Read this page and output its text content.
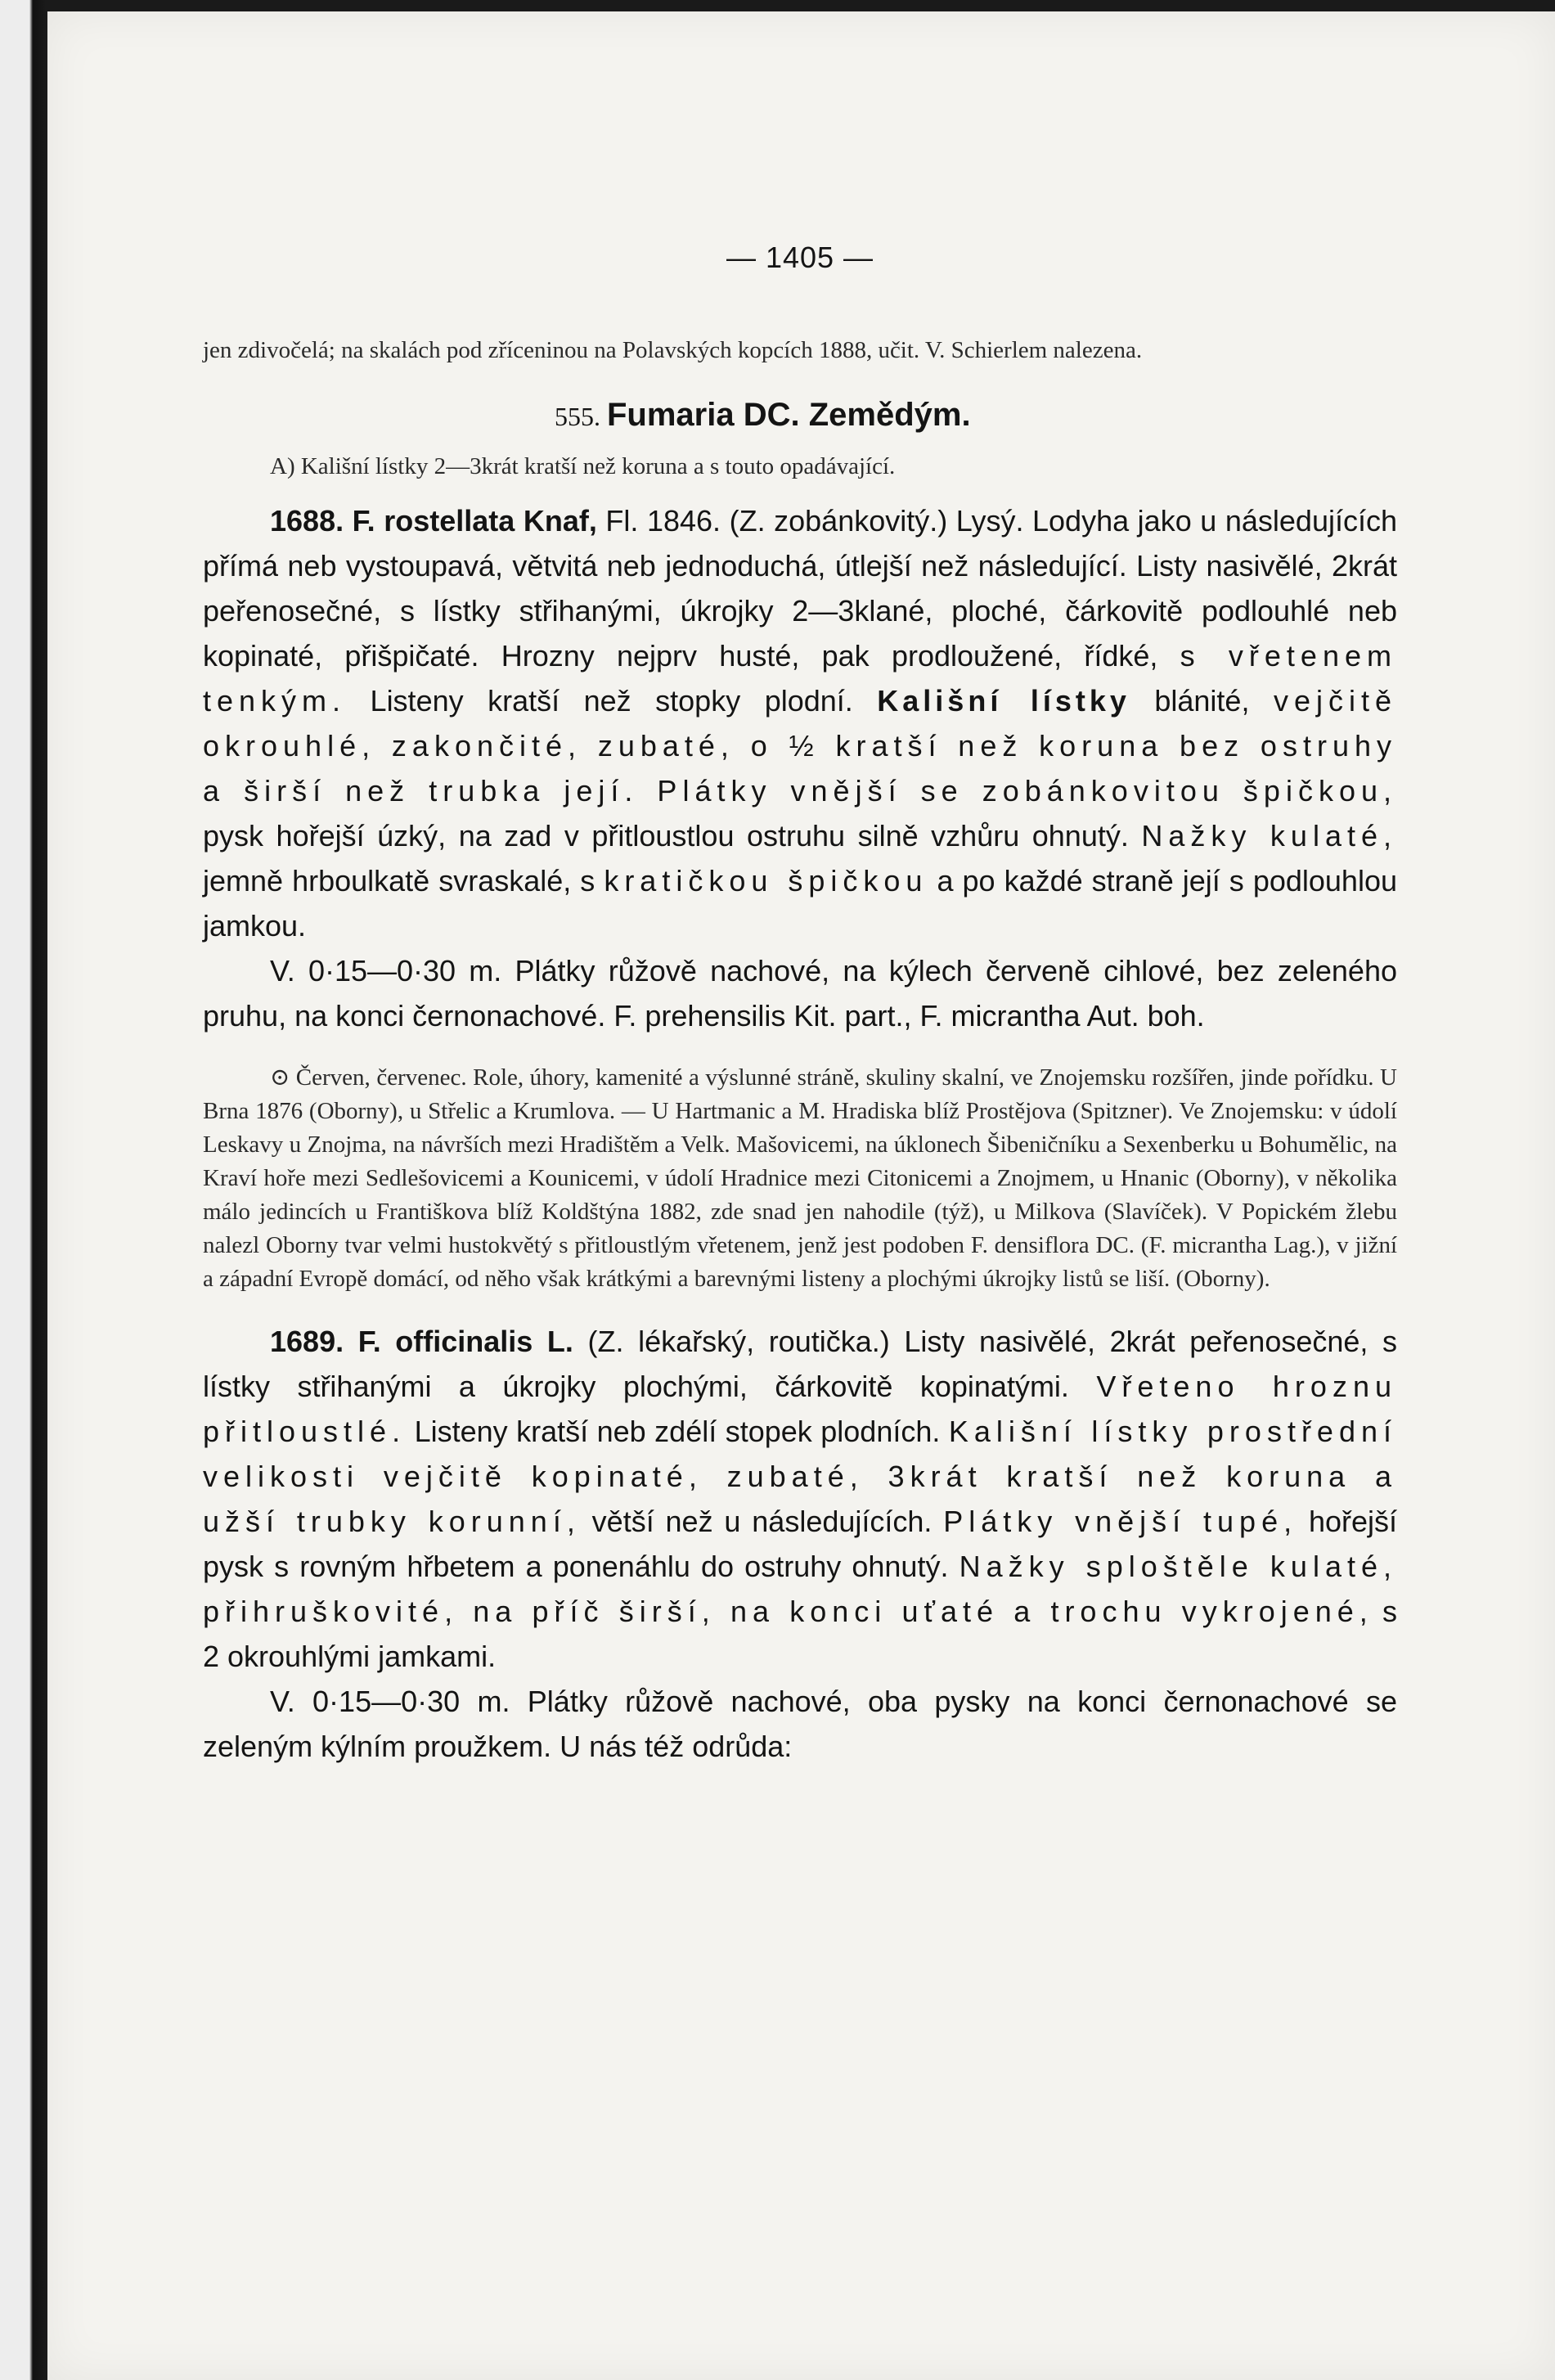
— 1405 —

jen zdivočelá; na skalách pod zříceninou na Polavských kopcích 1888, učit. V. Schierlem nalezena.

555. Fumaria DC. Zemědým.

A) Kališní lístky 2—3krát kratší než koruna a s touto opadávající.

1688. F. rostellata Knaf, Fl. 1846. (Z. zobánkovitý.) Lysý. Lodyha jako u následujících přímá neb vystoupavá, větvitá neb jednoduchá, útlejší než následující. Listy nasivělé, 2krát peřenosečné, s lístky střihanými, úkrojky 2—3klané, ploché, čárkovitě podlouhlé neb kopinaté, přišpičaté. Hrozny nejprv husté, pak prodloužené, řídké, s vřetenem tenkým. Listeny kratší než stopky plodní. Kališní lístky blánité, vejčitě okrouhlé, zakončité, zubaté, o ½ kratší než koruna bez ostruhy a širší než trubka její. Plátky vnější se zobánkovitou špičkou, pysk hořejší úzký, na zad v přitloustlou ostruhu silně vzhůru ohnutý. Nažky kulaté, jemně hrboulkatě svraskalé, s kratičkou špičkou a po každé straně její s podlouhlou jamkou.

V. 0·15—0·30 m. Plátky růžově nachové, na kýlech červeně cihlové, bez zeleného pruhu, na konci černonachové. F. prehensilis Kit. part., F. micrantha Aut. boh.

⊙ Červen, červenec. Role, úhory, kamenité a výslunné stráně, skuliny skalní, ve Znojemsku rozšířen, jinde pořídku. U Brna 1876 (Oborny), u Střelic a Krumlova. — U Hartmanic a M. Hradiska blíž Prostějova (Spitzner). Ve Znojemsku: v údolí Leskavy u Znojma, na návrších mezi Hradištěm a Velk. Mašovicemi, na úklonech Šibeničníku a Sexenberku u Bohumělic, na Kraví hoře mezi Sedlešovicemi a Kounicemi, v údolí Hradnice mezi Citonicemi a Znojmem, u Hnanic (Oborny), v několika málo jedincích u Františkova blíž Koldštýna 1882, zde snad jen nahodile (týž), u Milkova (Slavíček). V Popickém žlebu nalezl Oborny tvar velmi hustokvětý s přitloustlým vřetenem, jenž jest podoben F. densiflora DC. (F. micrantha Lag.), v jižní a západní Evropě domácí, od něho však krátkými a barevnými listeny a plochými úkrojky listů se liší. (Oborny).

1689. F. officinalis L. (Z. lékařský, routička.) Listy nasivělé, 2krát peřenosečné, s lístky střihanými a úkrojky plochými, čárkovitě kopinatými. Vřeteno hroznu přitloustlé. Listeny kratší neb zdélí stopek plodních. Kališní lístky prostřední velikosti vejčitě kopinaté, zubaté, 3krát kratší než koruna a užší trubky korunní, větší než u následujících. Plátky vnější tupé, hořejší pysk s rovným hřbetem a ponenáhlu do ostruhy ohnutý. Nažky sploštěle kulaté, přihruškovité, na příč širší, na konci uťaté a trochu vykrojené, s 2 okrouhlými jamkami.

V. 0·15—0·30 m. Plátky růžově nachové, oba pysky na konci černonachové se zeleným kýlním proužkem. U nás též odrůda:
